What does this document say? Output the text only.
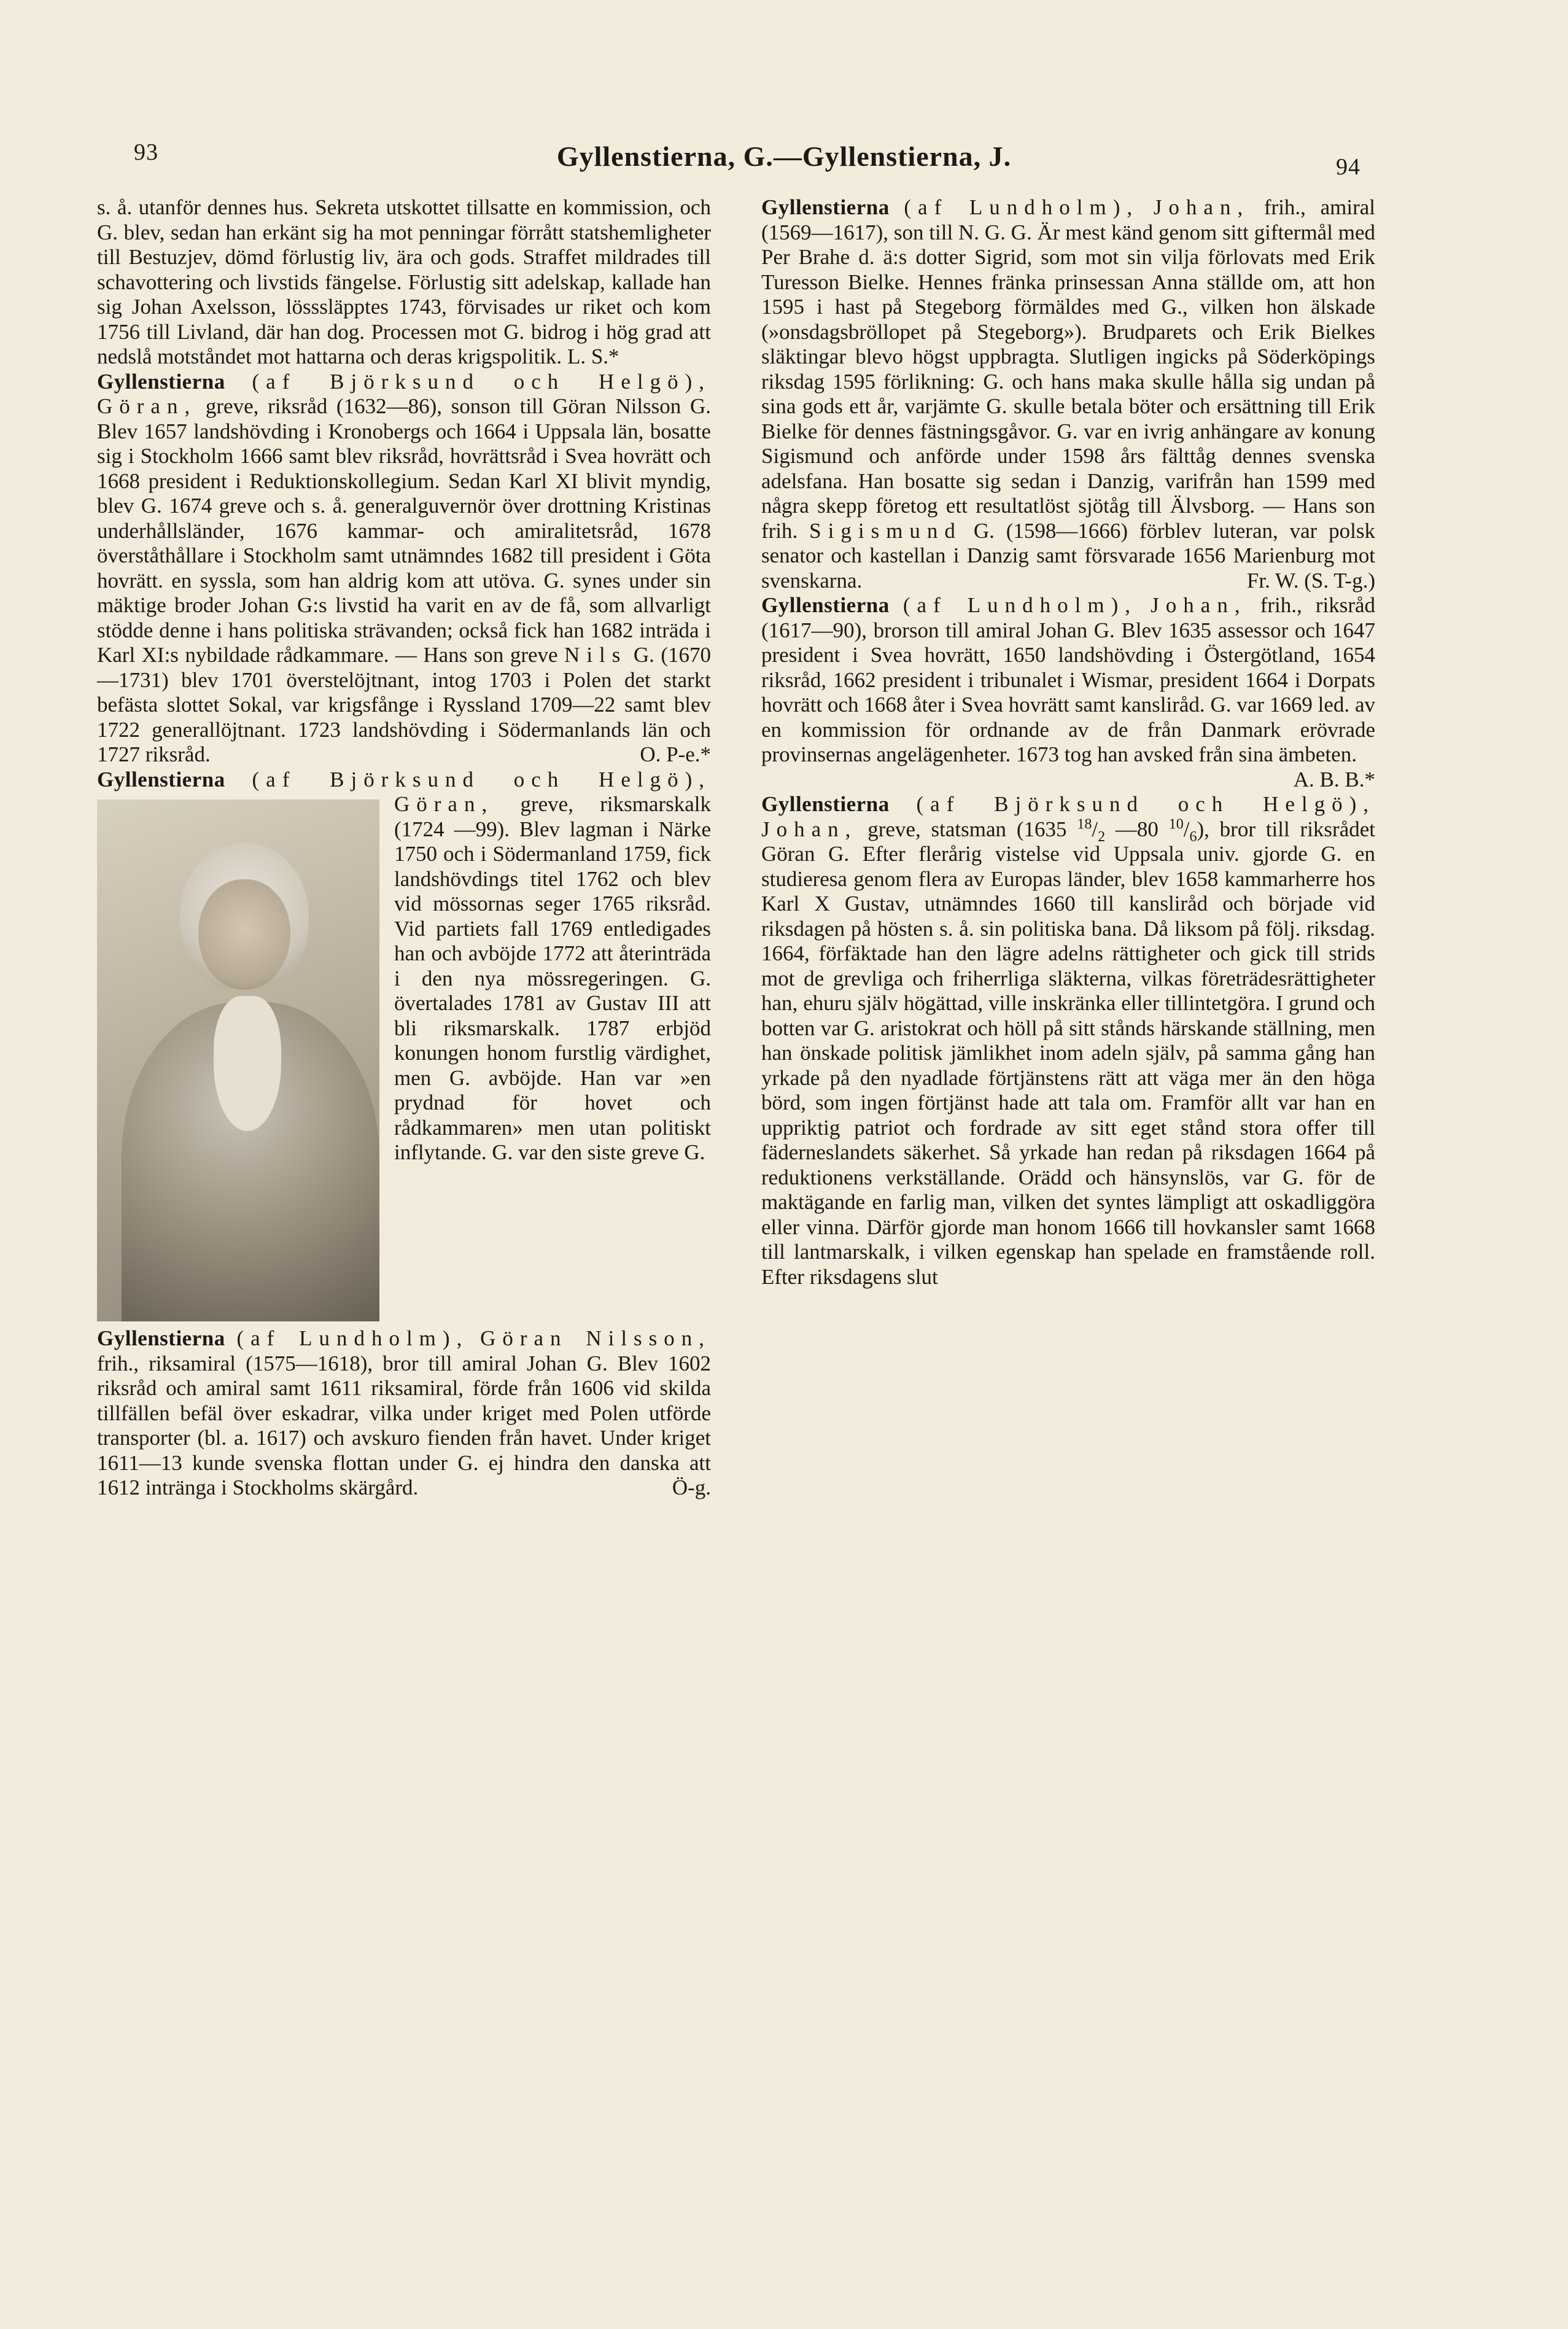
93	Gyllenstierna, G.—Gyllenstierna, J.	94

s. å. utanför dennes hus. Sekreta utskottet tillsatte en kommission, och G. blev, sedan han erkänt sig ha mot penningar förrått statshemligheter till Bestuzjev, dömd förlustig liv, ära och gods. Straffet mildrades till schavottering och livstids fängelse. Förlustig sitt adelskap, kallade han sig Johan Axelsson, lösssläpptes 1743, förvisades ur riket och kom 1756 till Livland, där han dog. Processen mot G. bidrog i hög grad att nedslå motståndet mot hattarna och deras krigspolitik. L. S.*

Gyllenstierna (af Björksund och Helgö), Göran, greve, riksråd (1632—86), sonson till Göran Nilsson G. Blev 1657 landshövding i Kronobergs och 1664 i Uppsala län, bosatte sig i Stockholm 1666 samt blev riksråd, hovrättsråd i Svea hovrätt och 1668 president i Reduktionskollegium. Sedan Karl XI blivit myndig, blev G. 1674 greve och s. å. generalguvernör över drottning Kristinas underhållsländer, 1676 kammar- och amiralitetsråd, 1678 överståthållare i Stockholm samt utnämndes 1682 till president i Göta hovrätt. en syssla, som han aldrig kom att utöva. G. synes under sin mäktige broder Johan G:s livstid ha varit en av de få, som allvarligt stödde denne i hans politiska strävanden; också fick han 1682 inträda i Karl XI:s nybildade rådkammare. — Hans son greve Nils G. (1670—1731) blev 1701 överstelöjtnant, intog 1703 i Polen det starkt befästa slottet Sokal, var krigsfånge i Ryssland 1709—22 samt blev 1722 generallöjtnant. 1723 landshövding i Södermanlands län och 1727 riksråd.	O. P-e.*

Gyllenstierna (af Björksund och Helgö), Göran, greve, riksmarskalk (1724 —99). Blev lagman i Närke 1750 och i Södermanland 1759, fick landshövdings titel 1762 och blev vid mössornas seger 1765 riksråd. Vid partiets fall 1769 entledigades han och avböjde 1772 att återinträda i den nya mössregeringen. G. övertalades 1781 av Gustav III att bli riksmarskalk. 1787 erbjöd konungen honom furstlig värdighet, men G. avböjde. Han var »en prydnad för hovet och rådkammaren» men utan politiskt inflytande. G. var den siste greve G.

Gyllenstierna (af Lundholm), Göran Nilsson, frih., riksamiral (1575—1618), bror till amiral Johan G. Blev 1602 riksråd och amiral samt 1611 riksamiral, förde från 1606 vid skilda tillfällen befäl över eskadrar, vilka under kriget med Polen utförde transporter (bl. a. 1617) och avskuro fienden från havet. Under kriget 1611—13 kunde svenska flottan under G. ej hindra den danska att 1612 inträngа i Stockholms skärgård.	Ö-g.

Gyllenstierna (af Lundholm), Johan, frih., amiral (1569—1617), son till N. G. G. Är mest känd genom sitt giftermål med Per Brahe d. ä:s dotter Sigrid, som mot sin vilja förlovats med Erik Turesson Bielke. Hennes fränka prinsessan Anna ställde om, att hon 1595 i hast på Stegeborg förmäldes med G., vilken hon älskade (»onsdagsbröllopet på Stegeborg»). Brudparets och Erik Bielkes släktingar blevo högst uppbragta. Slutligen ingicks på Söderköpings riksdag 1595 förlikning: G. och hans maka skulle hålla sig undan på sina gods ett år, varjämte G. skulle betala böter och ersättning till Erik Bielke för dennes fästningsgåvor. G. var en ivrig anhängare av konung Sigismund och anförde under 1598 års fälttåg dennes svenska adelsfana. Han bosatte sig sedan i Danzig, varifrån han 1599 med några skepp företog ett resultatlöst sjötåg till Älvsborg. — Hans son frih. Sigismund G. (1598—1666) förblev luteran, var polsk senator och kastellan i Danzig samt försvarade 1656 Marienburg mot svenskarna.	Fr. W. (S. T-g.)

Gyllenstierna (af Lundholm), Johan, frih., riksråd (1617—90), brorson till amiral Johan G. Blev 1635 assessor och 1647 president i Svea hovrätt, 1650 landshövding i Östergötland, 1654 riksråd, 1662 president i tribunalet i Wismar, president 1664 i Dorpats hovrätt och 1668 åter i Svea hovrätt samt kansliråd. G. var 1669 led. av en kommission för ordnande av de från Danmark erövrade provinsernas angelägenheter. 1673 tog han avsked från sina ämbeten.
A. B. B.*

Gyllenstierna (af Björksund och Helgö), Johan, greve, statsman (1635 $^{18}/_2$ —80 $^{10}/_6$), bror till riksrådet Göran G. Efter flerårig vistelse vid Uppsala univ. gjorde G. en studieresa genom flera av Europas länder, blev 1658 kammarherre hos Karl X Gustav, utnämndes 1660 till kansliråd och började vid riksdagen på hösten s. å. sin politiska bana. Då liksom på följ. riksdag. 1664, förfäktade han den lägre adelns rättigheter och gick till strids mot de grevliga och friherrliga släkterna, vilkas företrädesrättigheter han, ehuru själv högättad, ville inskränka eller tillintetgöra. I grund och botten var G. aristokrat och höll på sitt stånds härskande ställning, men han önskade politisk jämlikhet inom adeln själv, på samma gång han yrkade på den nyadlade förtjänstens rätt att väga mer än den höga börd, som ingen förtjänst hade att tala om. Framför allt var han en uppriktig patriot och fordrade av sitt eget stånd stora offer till fäderneslandets säkerhet. Så yrkade han redan på riksdagen 1664 på reduktionens verkställande. Orädd och hänsynslös, var G. för de maktägande en farlig man, vilken det syntes lämpligt att oskadliggöra eller vinna. Därför gjorde man honom 1666 till hovkansler samt 1668 till lantmarskalk, i vilken egenskap han spelade en framstående roll. Efter riksdagens slut
